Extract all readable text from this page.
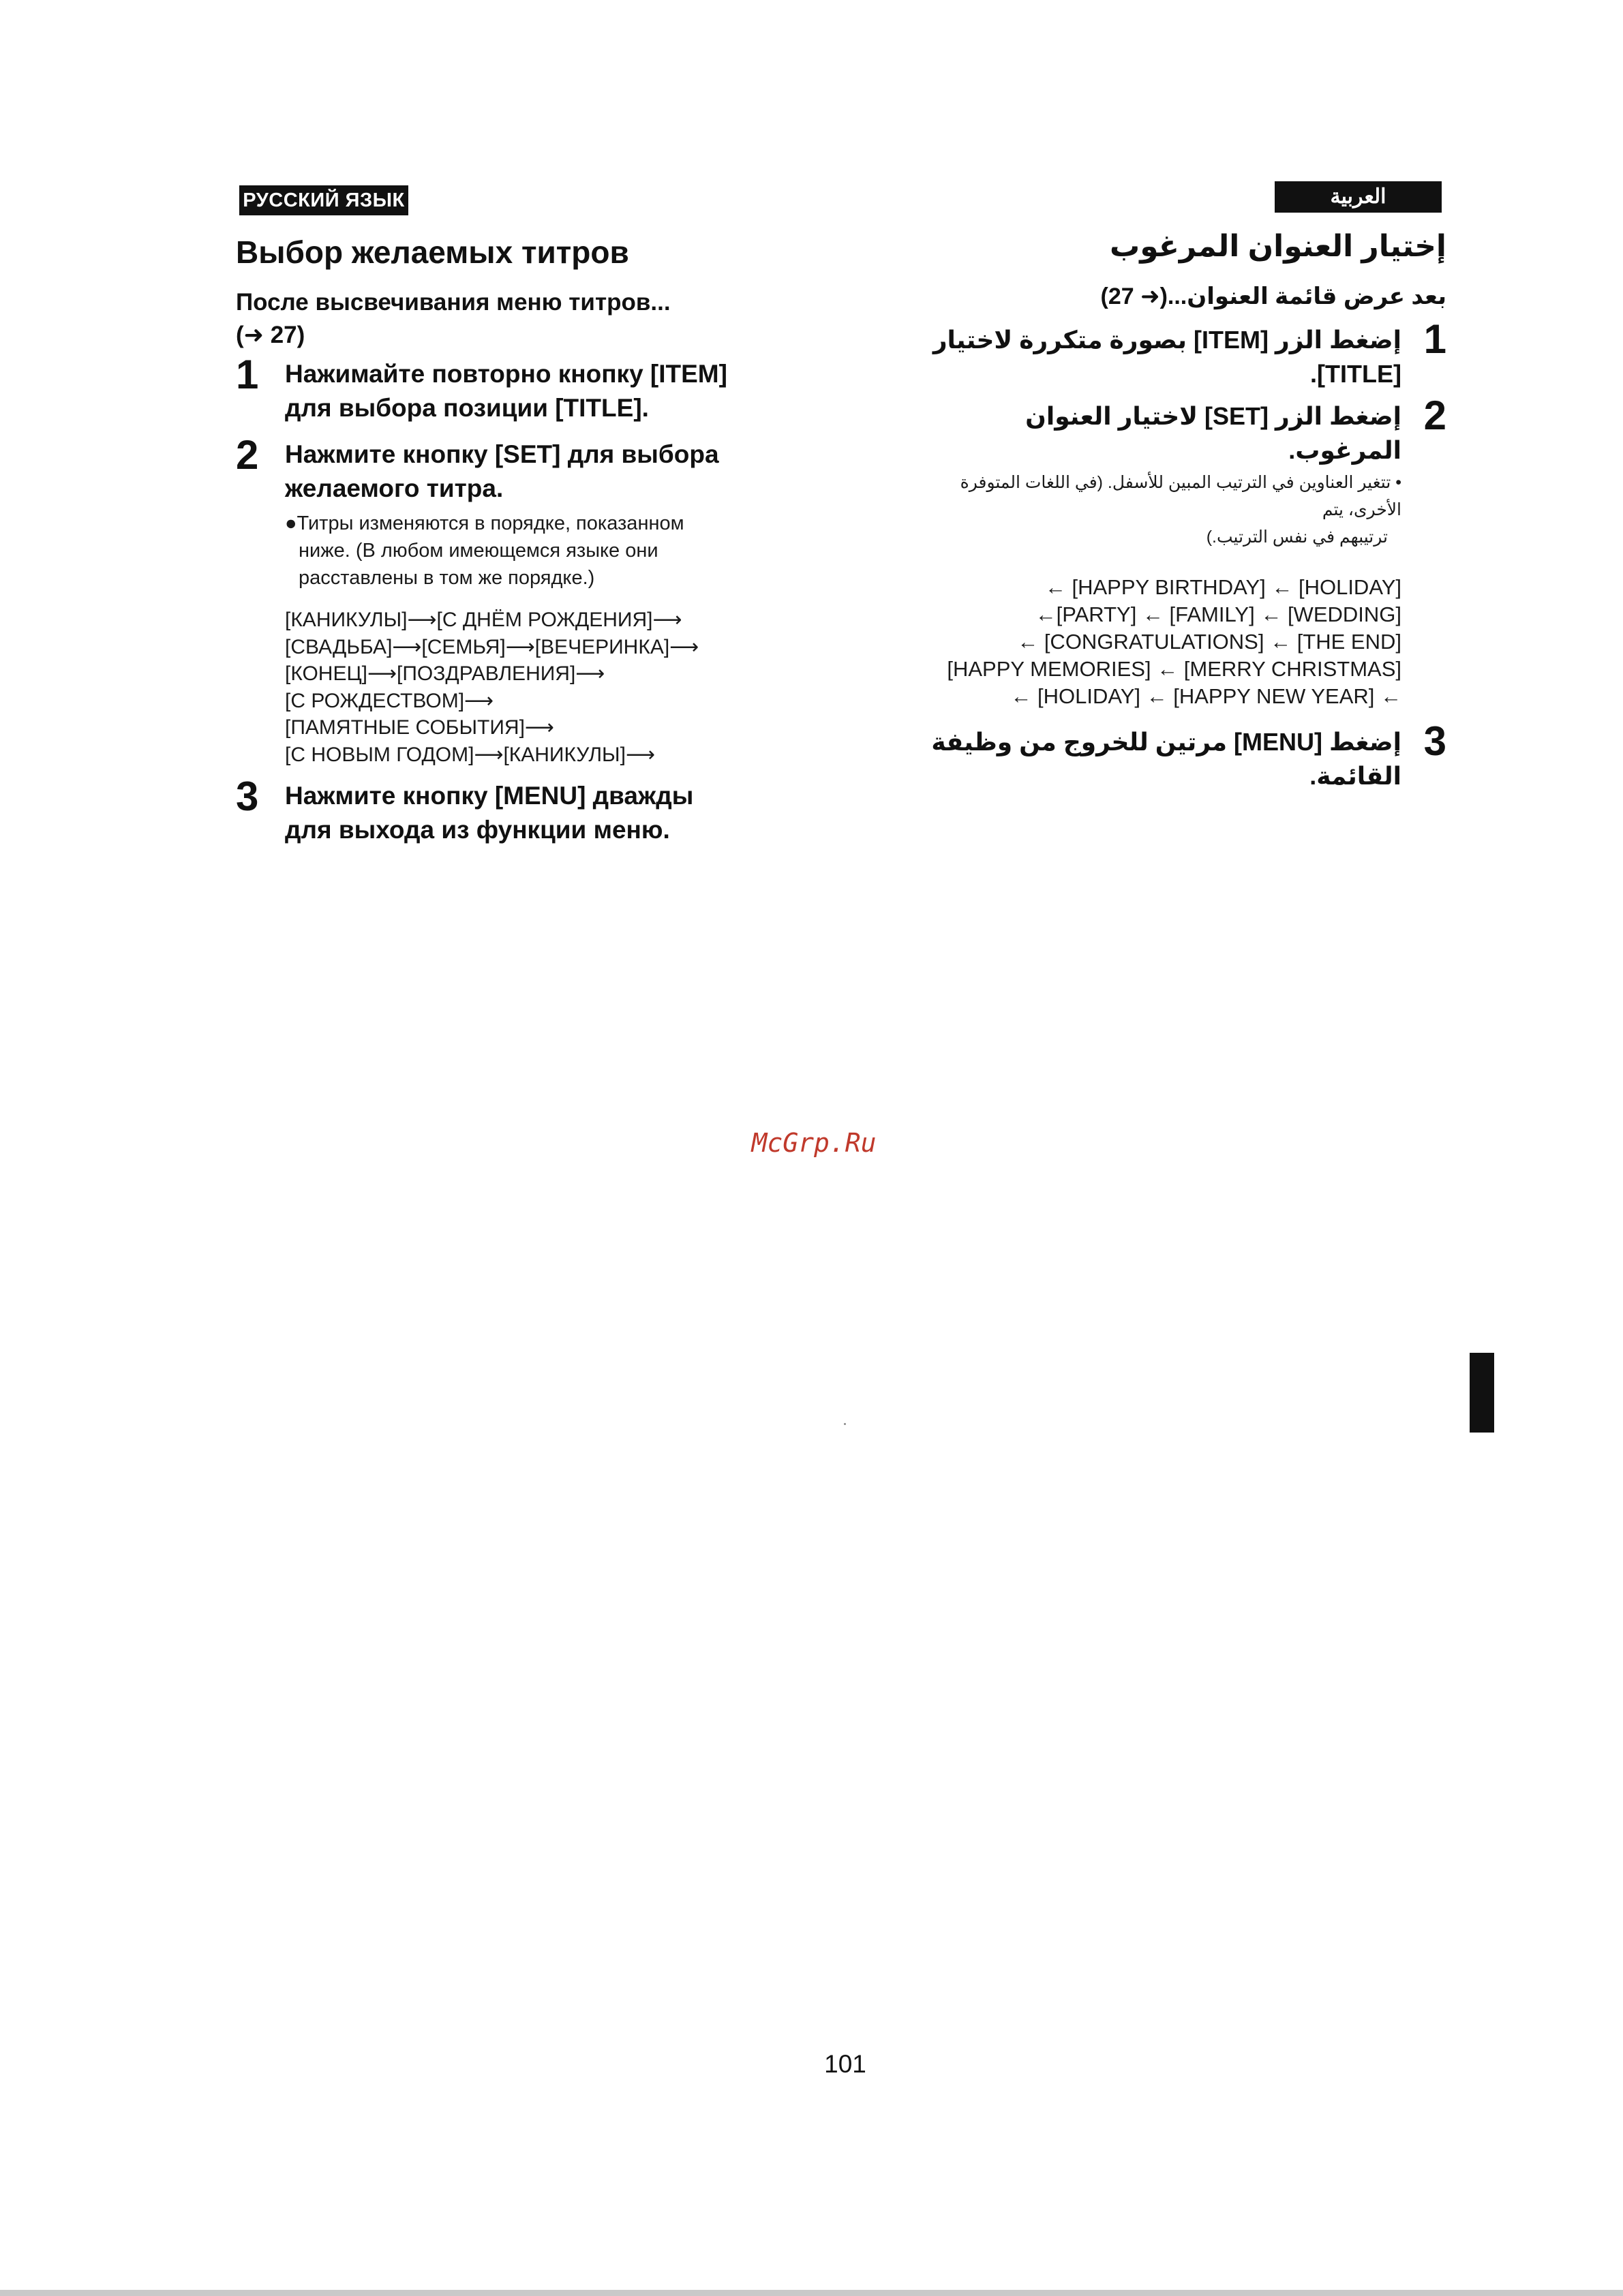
РУССКИЙ ЯЗЫК
Выбор желаемых титров
После высвечивания меню титров...
(➜ 27)
1 Нажимайте повторно кнопку [ITEM]
для выбора позиции [TITLE].
2 Нажмите кнопку [SET] для выбора
желаемого титра.
●Титры изменяются в порядке, показанном
ниже. (В любом имеющемся языке они
расставлены в том же порядке.)
[КАНИКУЛЫ]⟶[С ДНЁМ РОЖДЕНИЯ]⟶
[СВАДЬБА]⟶[СЕМЬЯ]⟶[ВЕЧЕРИНКА]⟶
[КОНЕЦ]⟶[ПОЗДРАВЛЕНИЯ]⟶
[С РОЖДЕСТВОМ]⟶
[ПАМЯТНЫЕ СОБЫТИЯ]⟶
[С НОВЫМ ГОДОМ]⟶[КАНИКУЛЫ]⟶
3 Нажмите кнопку [MENU] дважды
для выхода из функции меню.
العربية
إختيار العنوان المرغوب
بعد عرض قائمة العنوان...(➜ 27)
1
إضغط الزر [ITEM] بصورة متكررة لاختيار
[TITLE].
2
إضغط الزر [SET] لاختيار العنوان المرغوب.
• تتغير العناوين في الترتيب المبين للأسفل. (في اللغات المتوفرة الأخرى، يتم
ترتيبهم في نفس الترتيب.)
← [HAPPY BIRTHDAY] ← [HOLIDAY]
←[PARTY] ← [FAMILY] ← [WEDDING]
← [CONGRATULATIONS] ← [THE END]
[HAPPY MEMORIES] ← [MERRY CHRISTMAS]
← [HOLIDAY] ← [HAPPY NEW YEAR] ←
3
إضغط [MENU] مرتين للخروج من وظيفة
القائمة.
McGrp.Ru
101
